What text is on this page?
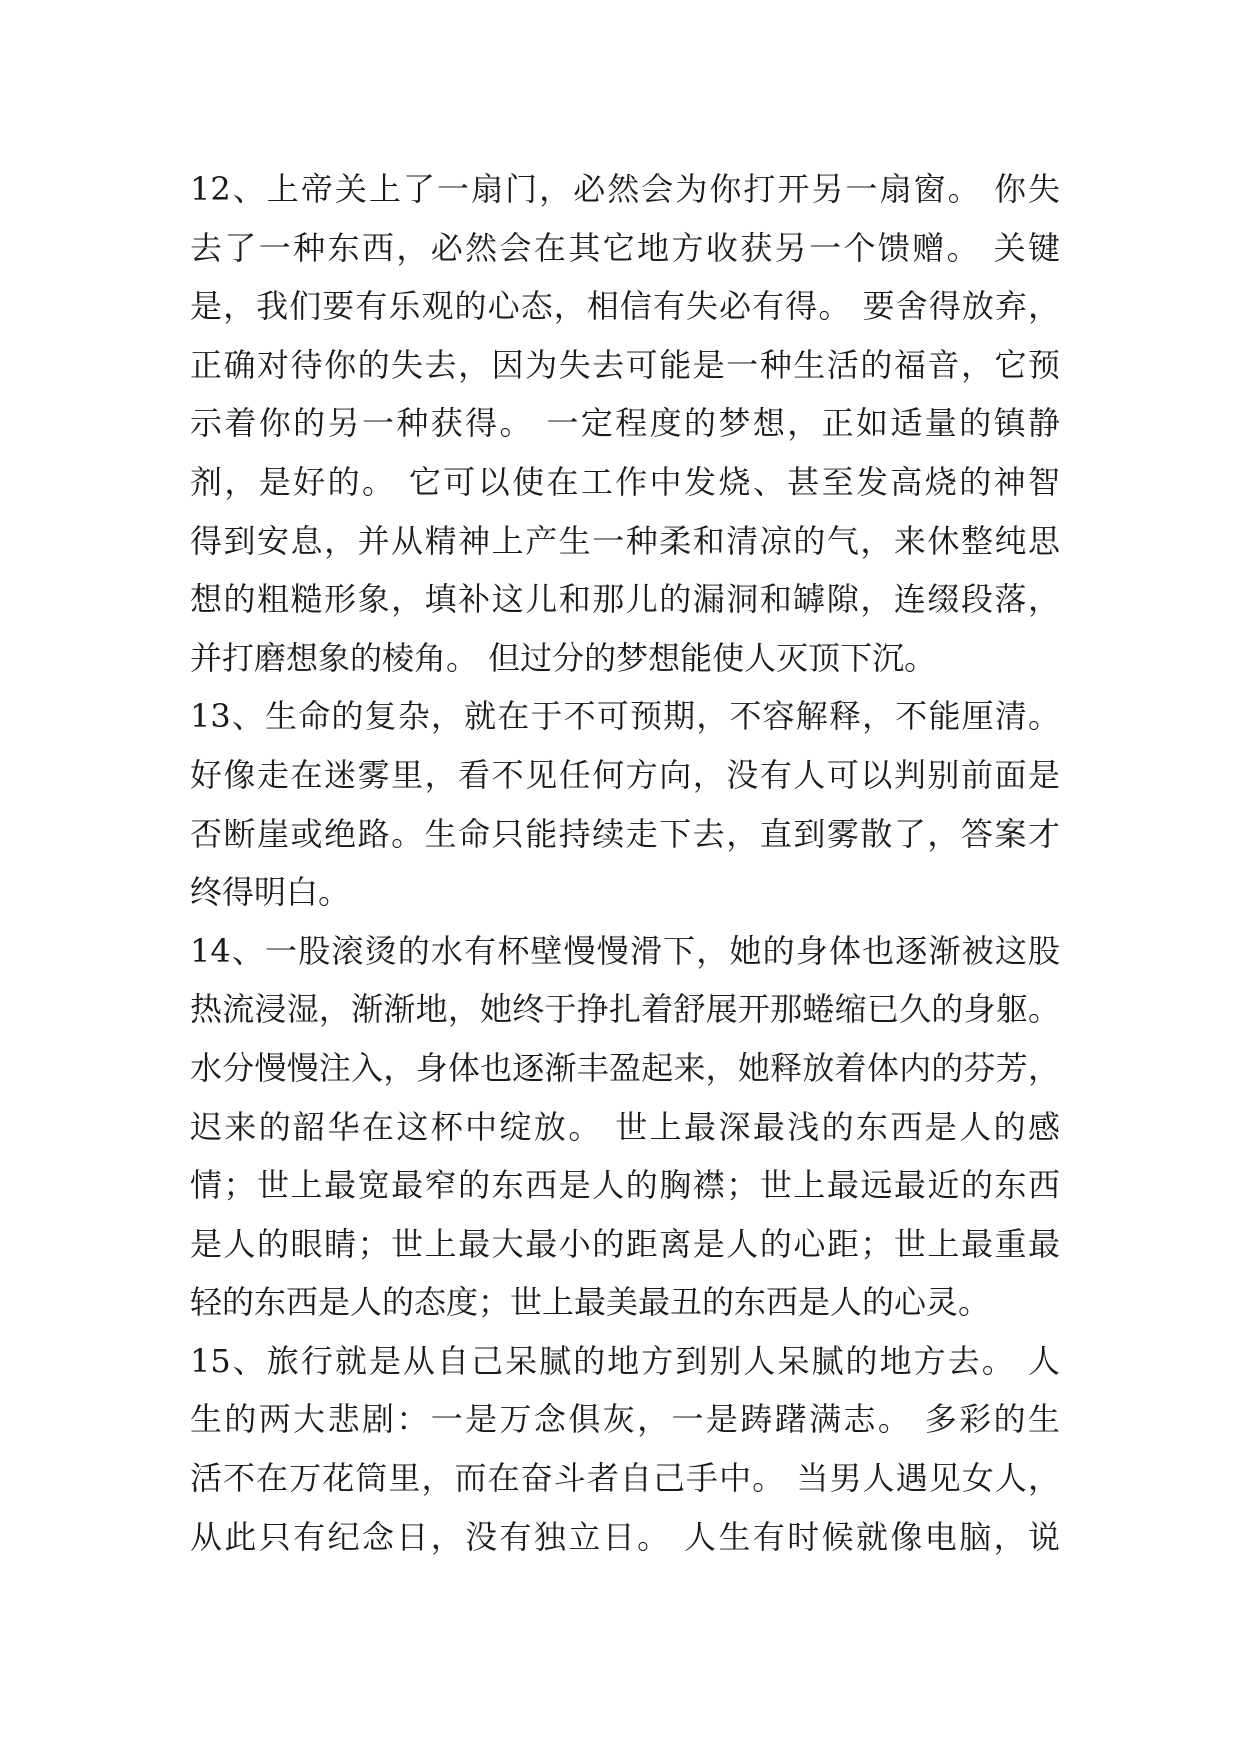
12、上帝关上了一扇门，必然会为你打开另一扇窗。 你失
去了一种东西，必然会在其它地方收获另一个馈赠。 关键
是，我们要有乐观的心态，相信有失必有得。 要舍得放弃，
正确对待你的失去，因为失去可能是一种生活的福音，它预
示着你的另一种获得。 一定程度的梦想，正如适量的镇静
剂，是好的。 它可以使在工作中发烧、甚至发高烧的神智
得到安息，并从精神上产生一种柔和清凉的气，来休整纯思
想的粗糙形象，填补这儿和那儿的漏洞和罅隙，连缀段落，
并打磨想象的棱角。 但过分的梦想能使人灭顶下沉。
13、生命的复杂，就在于不可预期，不容解释，不能厘清。
好像走在迷雾里，看不见任何方向，没有人可以判别前面是
否断崖或绝路。生命只能持续走下去，直到雾散了，答案才
终得明白。
14、一股滚烫的水有杯壁慢慢滑下，她的身体也逐渐被这股
热流浸湿，渐渐地，她终于挣扎着舒展开那蜷缩已久的身躯。
水分慢慢注入，身体也逐渐丰盈起来，她释放着体内的芬芳，
迟来的韶华在这杯中绽放。 世上最深最浅的东西是人的感
情；世上最宽最窄的东西是人的胸襟；世上最远最近的东西
是人的眼睛；世上最大最小的距离是人的心距；世上最重最
轻的东西是人的态度；世上最美最丑的东西是人的心灵。
15、旅行就是从自己呆腻的地方到别人呆腻的地方去。 人
生的两大悲剧：一是万念俱灰，一是踌躇满志。 多彩的生
活不在万花筒里，而在奋斗者自己手中。 当男人遇见女人，
从此只有纪念日，没有独立日。 人生有时候就像电脑，说
